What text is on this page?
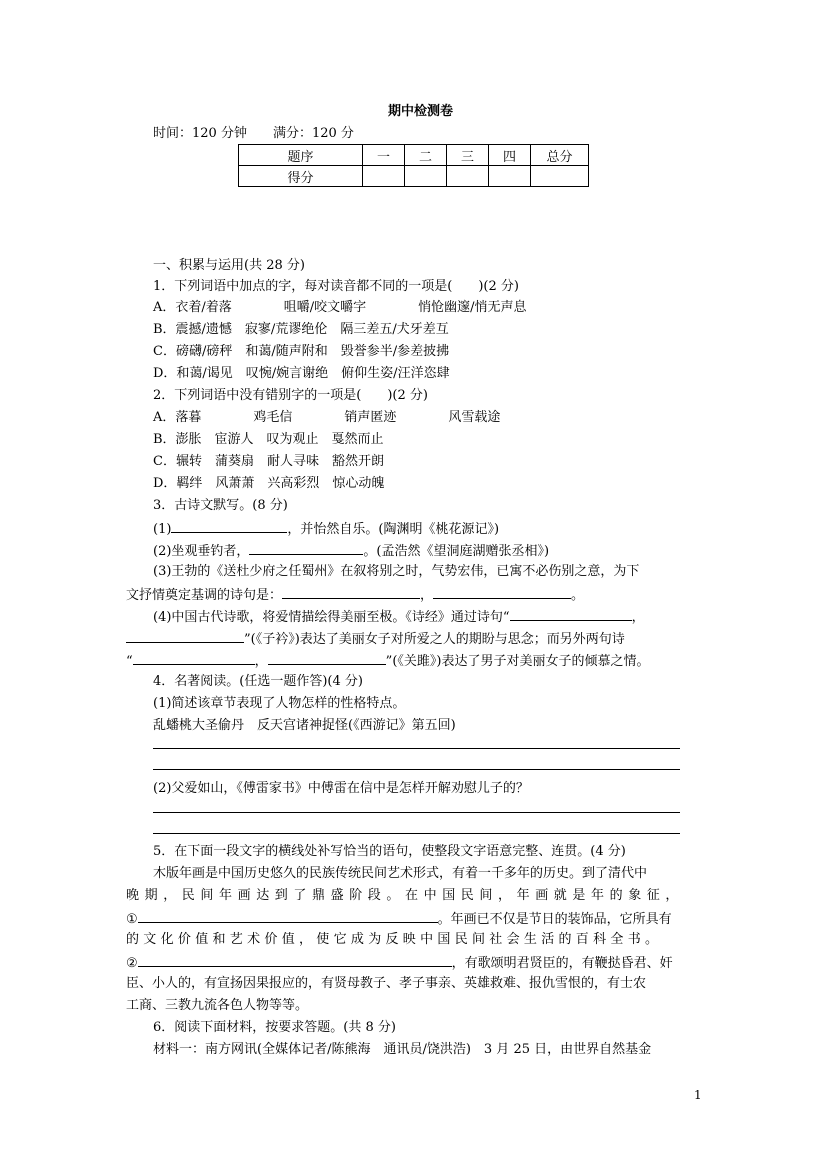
期中检测卷
时间：120 分钟　　满分：120 分
题序	一	二	三	四	总分
得分					
一、积累与运用(共 28 分)
1．下列词语中加点的字，每对读音都不同的一项是(　　)(2 分)
A．衣着/着落　　　　咀嚼/咬文嚼字　　　　悄怆幽邃/悄无声息
B．震撼/遗憾　寂寥/荒谬绝伦　隔三差五/犬牙差互
C．磅礴/磅秤　和蔼/随声附和　毁誉参半/参差披拂
D．和蔼/谒见　叹惋/婉言谢绝　俯仰生姿/汪洋恣肆
2．下列词语中没有错别字的一项是(　　)(2 分)
A．落暮　　　　鸡毛信　　　　销声匿迹　　　　风雪载途
B．澎胀　宦游人　叹为观止　戛然而止
C．辗转　蒲葵扇　耐人寻味　豁然开朗
D．羁绊　风萧萧　兴高彩烈　惊心动魄
3．古诗文默写。(8 分)
(1)	，并怡然自乐。(陶渊明《桃花源记》)
(2)坐观垂钓者，	。(孟浩然《望洞庭湖赠张丞相》)
(3)王勃的《送杜少府之任蜀州》在叙将别之时，气势宏伟，已寓不必伤别之意，为下
文抒情奠定基调的诗句是：	，	。
(4)中国古代诗歌，将爱情描绘得美丽至极。《诗经》通过诗句“	，
”(《子衿》)表达了美丽女子对所爱之人的期盼与思念；而另外两句诗
“	，	”(《关雎》)表达了男子对美丽女子的倾慕之情。
4．名著阅读。(任选一题作答)(4 分)
(1)简述该章节表现了人物怎样的性格特点。
乱蟠桃大圣偷丹　反天宫诸神捉怪(《西游记》第五回)
(2)父爱如山，《傅雷家书》中傅雷在信中是怎样开解劝慰儿子的？
5．在下面一段文字的横线处补写恰当的语句，使整段文字语意完整、连贯。(4 分)
木版年画是中国历史悠久的民族传统民间艺术形式，有着一千多年的历史。到了清代中
晚期，民间年画达到了鼎盛阶段。在中国民间，年画就是年的象征，
①	。年画已不仅是节日的装饰品，它所具有
的文化价值和艺术价值，使它成为反映中国民间社会生活的百科全书。
②	，有歌颂明君贤臣的，有鞭挞昏君、奸
臣、小人的，有宣扬因果报应的，有贤母教子、孝子事亲、英雄救难、报仇雪恨的，有士农
工商、三教九流各色人物等等。
6．阅读下面材料，按要求答题。(共 8 分)
材料一：南方网讯(全媒体记者/陈熊海　通讯员/饶洪浩)　3 月 25 日，由世界自然基金
1
